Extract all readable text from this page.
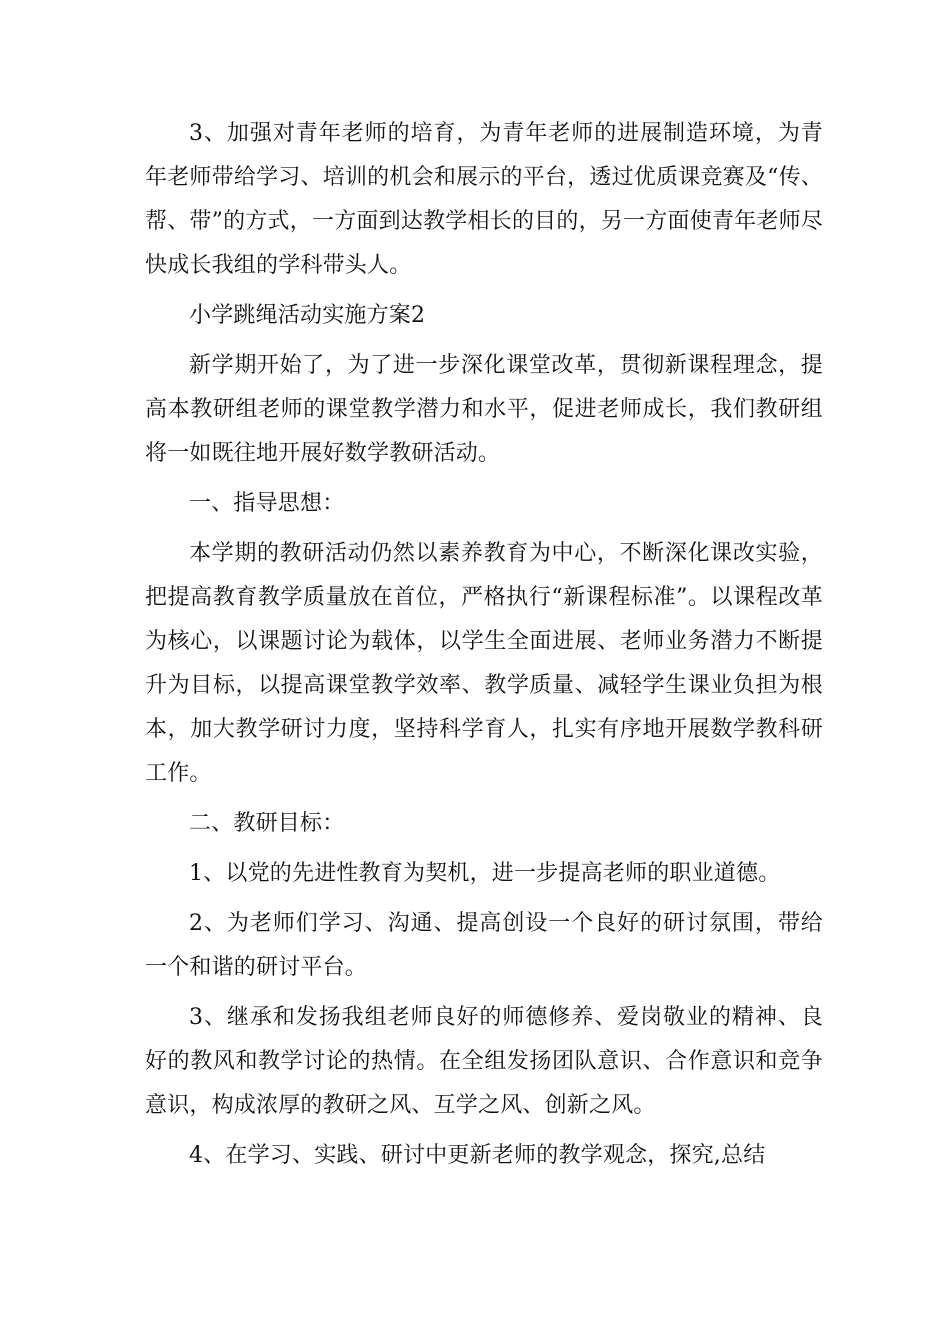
3、加强对青年老师的培育，为青年老师的进展制造环境，为青年老师带给学习、培训的机会和展示的平台，透过优质课竞赛及“传、帮、带”的方式，一方面到达教学相长的目的，另一方面使青年老师尽快成长我组的学科带头人。

小学跳绳活动实施方案2

新学期开始了，为了进一步深化课堂改革，贯彻新课程理念，提高本教研组老师的课堂教学潜力和水平，促进老师成长，我们教研组将一如既往地开展好数学教研活动。

一、指导思想：

本学期的教研活动仍然以素养教育为中心，不断深化课改实验，把提高教育教学质量放在首位，严格执行“新课程标准”。以课程改革为核心，以课题讨论为载体，以学生全面进展、老师业务潜力不断提升为目标，以提高课堂教学效率、教学质量、减轻学生课业负担为根本，加大教学研讨力度，坚持科学育人，扎实有序地开展数学教科研工作。

二、教研目标：

1、以党的先进性教育为契机，进一步提高老师的职业道德。

2、为老师们学习、沟通、提高创设一个良好的研讨氛围，带给一个和谐的研讨平台。

3、继承和发扬我组老师良好的师德修养、爱岗敬业的精神、良好的教风和教学讨论的热情。在全组发扬团队意识、合作意识和竞争意识，构成浓厚的教研之风、互学之风、创新之风。

4、在学习、实践、研讨中更新老师的教学观念，探究,总结
